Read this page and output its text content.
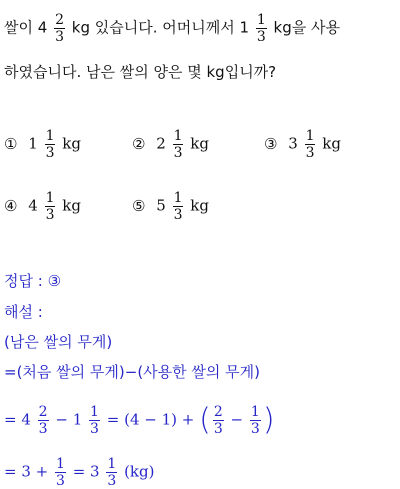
쌀이 $4 \frac{2}{3}$ kg 있습니다. 어머니께서 $1 \frac{1}{3}$ kg을 사용
하였습니다. 남은 쌀의 양은 몇 kg입니까?
① $1 \frac{1}{3}$ kg	② $2 \frac{1}{3}$ kg	③ $3 \frac{1}{3}$ kg
④ $4 \frac{1}{3}$ kg	⑤ $5 \frac{1}{3}$ kg
정답 : ③
해설 :
(남은 쌀의 무게)
=(처음 쌀의 무게)−(사용한 쌀의 무게)
= $4 \frac{2}{3} - 1 \frac{1}{3} = (4 - 1)$ + ( $\frac{2}{3} - \frac{1}{3}$ )
= $3 + \frac{1}{3} = 3 \frac{1}{3} (kg)$
